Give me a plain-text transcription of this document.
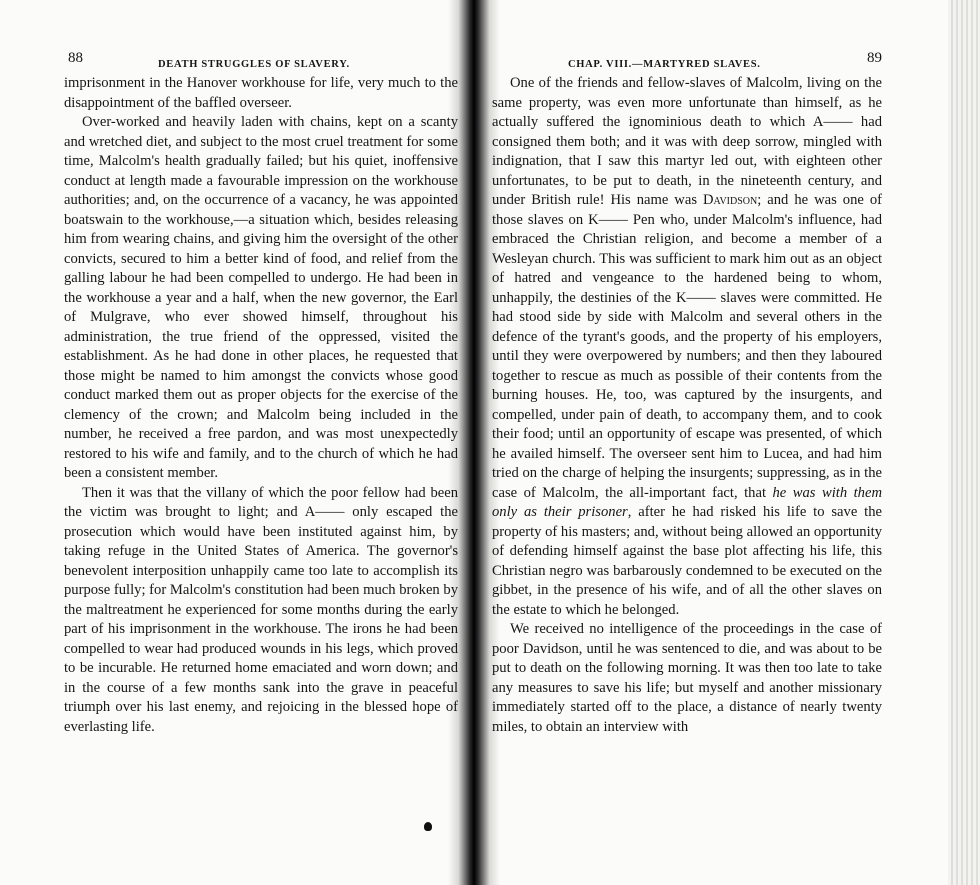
88	DEATH STRUGGLES OF SLAVERY.

imprisonment in the Hanover workhouse for life, very much to the disappointment of the baffled overseer.

Over-worked and heavily laden with chains, kept on a scanty and wretched diet, and subject to the most cruel treatment for some time, Malcolm's health gradually failed; but his quiet, inoffensive conduct at length made a favourable impression on the workhouse authorities; and, on the occurrence of a vacancy, he was appointed boatswain to the workhouse,—a situation which, besides releasing him from wearing chains, and giving him the oversight of the other convicts, secured to him a better kind of food, and relief from the galling labour he had been compelled to undergo. He had been in the workhouse a year and a half, when the new governor, the Earl of Mulgrave, who ever showed himself, throughout his administration, the true friend of the oppressed, visited the establishment. As he had done in other places, he requested that those might be named to him amongst the convicts whose good conduct marked them out as proper objects for the exercise of the clemency of the crown; and Malcolm being included in the number, he received a free pardon, and was most unexpectedly restored to his wife and family, and to the church of which he had been a consistent member.

Then it was that the villany of which the poor fellow had been the victim was brought to light; and A—— only escaped the prosecution which would have been instituted against him, by taking refuge in the United States of America. The governor's benevolent interposition unhappily came too late to accomplish its purpose fully; for Malcolm's constitution had been much broken by the maltreatment he experienced for some months during the early part of his imprisonment in the workhouse. The irons he had been compelled to wear had produced wounds in his legs, which proved to be incurable. He returned home emaciated and worn down; and in the course of a few months sank into the grave in peaceful triumph over his last enemy, and rejoicing in the blessed hope of everlasting life.

CHAP. VIII.—MARTYRED SLAVES.	89

One of the friends and fellow-slaves of Malcolm, living on the same property, was even more unfortunate than himself, as he actually suffered the ignominious death to which A—— had consigned them both; and it was with deep sorrow, mingled with indignation, that I saw this martyr led out, with eighteen other unfortunates, to be put to death, in the nineteenth century, and under British rule! His name was Davidson; and he was one of those slaves on K—— Pen who, under Malcolm's influence, had embraced the Christian religion, and become a member of a Wesleyan church. This was sufficient to mark him out as an object of hatred and vengeance to the hardened being to whom, unhappily, the destinies of the K—— slaves were committed. He had stood side by side with Malcolm and several others in the defence of the tyrant's goods, and the property of his employers, until they were overpowered by numbers; and then they laboured together to rescue as much as possible of their contents from the burning houses. He, too, was captured by the insurgents, and compelled, under pain of death, to accompany them, and to cook their food; until an opportunity of escape was presented, of which he availed himself. The overseer sent him to Lucea, and had him tried on the charge of helping the insurgents; suppressing, as in the case of Malcolm, the all-important fact, that he was with them only as their prisoner, after he had risked his life to save the property of his masters; and, without being allowed an opportunity of defending himself against the base plot affecting his life, this Christian negro was barbarously condemned to be executed on the gibbet, in the presence of his wife, and of all the other slaves on the estate to which he belonged.

We received no intelligence of the proceedings in the case of poor Davidson, until he was sentenced to die, and was about to be put to death on the following morning. It was then too late to take any measures to save his life; but myself and another missionary immediately started off to the place, a distance of nearly twenty miles, to obtain an interview with
